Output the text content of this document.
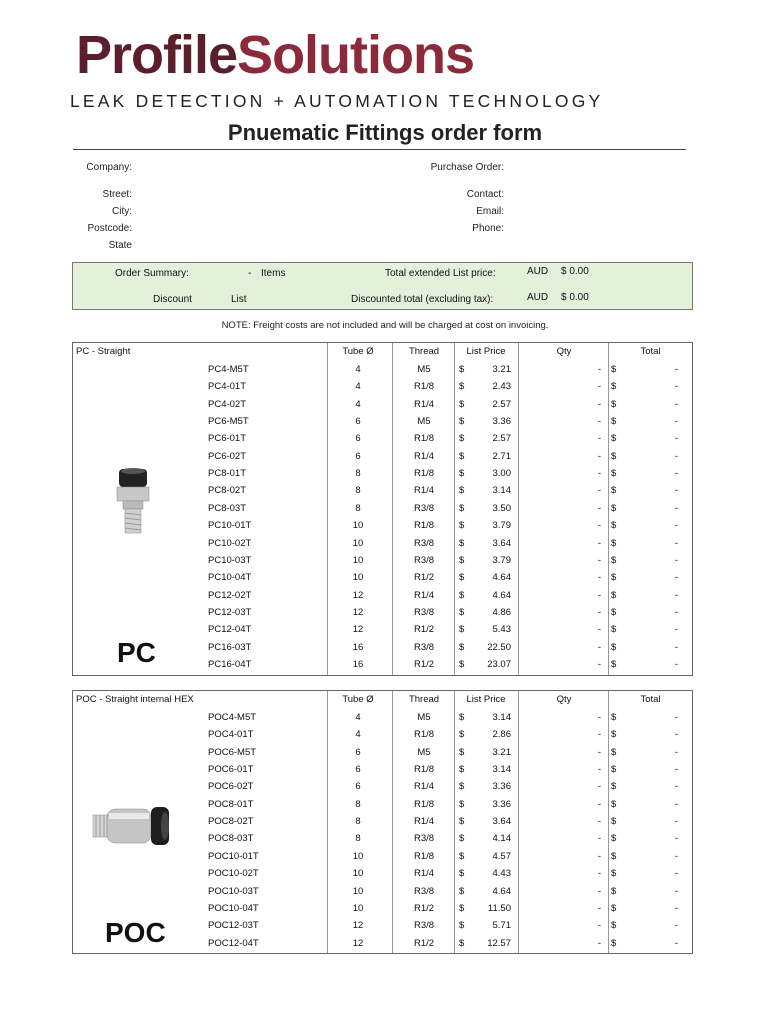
ProfileSolutions
LEAK DETECTION + AUTOMATION TECHNOLOGY
Pnuematic Fittings order form
Company:
Street:
City:
Postcode:
State
Purchase Order:
Contact:
Email:
Phone:
Order Summary:	- Items	Total extended List price:	AUD $ 0.00
Discount	List	Discounted total (excluding tax):	AUD $ 0.00
NOTE: Freight costs are not included and will be charged at cost on invoicing.
PC - Straight	Tube Ø	Thread	List Price	Qty	Total
PC4-M5T	4	M5	$	3.21	- $	-
PC4-01T	4	R1/8	$	2.43	- $	-
PC4-02T	4	R1/4	$	2.57	- $	-
PC6-M5T	6	M5	$	3.36	- $	-
PC6-01T	6	R1/8	$	2.57	- $	-
PC6-02T	6	R1/4	$	2.71	- $	-
PC8-01T	8	R1/8	$	3.00	- $	-
PC8-02T	8	R1/4	$	3.14	- $	-
PC8-03T	8	R3/8	$	3.50	- $	-
PC10-01T	10	R1/8	$	3.79	- $	-
PC10-02T	10	R3/8	$	3.64	- $	-
PC10-03T	10	R3/8	$	3.79	- $	-
PC10-04T	10	R1/2	$	4.64	- $	-
PC12-02T	12	R1/4	$	4.64	- $	-
PC12-03T	12	R3/8	$	4.86	- $	-
PC12-04T	12	R1/2	$	5.43	- $	-
PC16-03T	16	R3/8	$	22.50	- $	-
PC16-04T	16	R1/2	$	23.07	- $	-
PC
POC - Straight internal HEX	Tube Ø	Thread	List Price	Qty	Total
POC4-M5T	4	M5	$	3.14	- $	-
POC4-01T	4	R1/8	$	2.86	- $	-
POC6-M5T	6	M5	$	3.21	- $	-
POC6-01T	6	R1/8	$	3.14	- $	-
POC6-02T	6	R1/4	$	3.36	- $	-
POC8-01T	8	R1/8	$	3.36	- $	-
POC8-02T	8	R1/4	$	3.64	- $	-
POC8-03T	8	R3/8	$	4.14	- $	-
POC10-01T	10	R1/8	$	4.57	- $	-
POC10-02T	10	R1/4	$	4.43	- $	-
POC10-03T	10	R3/8	$	4.64	- $	-
POC10-04T	10	R1/2	$	11.50	- $	-
POC12-03T	12	R3/8	$	5.71	- $	-
POC12-04T	12	R1/2	$	12.57	- $	-
POC
